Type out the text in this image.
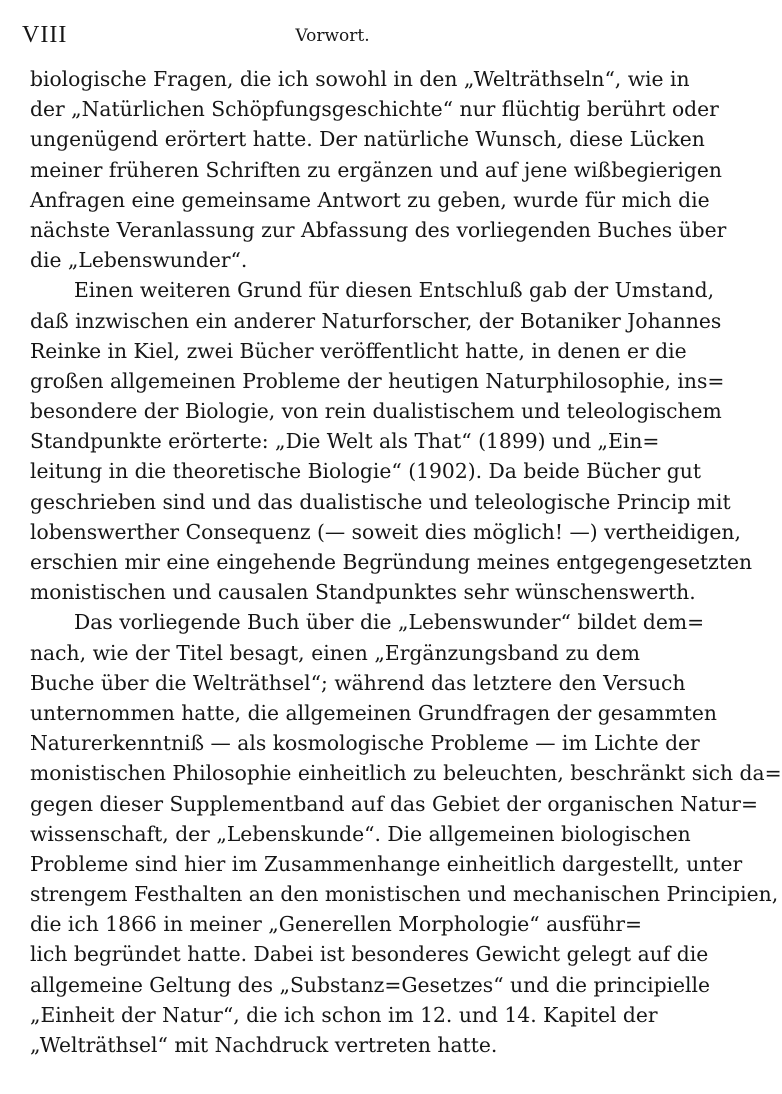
VIII	Vorwort.
biologische Fragen, die ich sowohl in den „Welträthseln“, wie in
der „Natürlichen Schöpfungsgeschichte“ nur flüchtig berührt oder
ungenügend erörtert hatte. Der natürliche Wunsch, diese Lücken
meiner früheren Schriften zu ergänzen und auf jene wißbegierigen
Anfragen eine gemeinsame Antwort zu geben, wurde für mich die
nächste Veranlassung zur Abfassung des vorliegenden Buches über
die „Lebenswunder“.
Einen weiteren Grund für diesen Entschluß gab der Umstand,
daß inzwischen ein anderer Naturforscher, der Botaniker Johannes
Reinke in Kiel, zwei Bücher veröffentlicht hatte, in denen er die
großen allgemeinen Probleme der heutigen Naturphilosophie, ins=
besondere der Biologie, von rein dualistischem und teleologischem
Standpunkte erörterte: „Die Welt als That“ (1899) und „Ein=
leitung in die theoretische Biologie“ (1902). Da beide Bücher gut
geschrieben sind und das dualistische und teleologische Princip mit
lobenswerther Consequenz (— soweit dies möglich! —) vertheidigen,
erschien mir eine eingehende Begründung meines entgegengesetzten
monistischen und causalen Standpunktes sehr wünschenswerth.
Das vorliegende Buch über die „Lebenswunder“ bildet dem=
nach, wie der Titel besagt, einen „Ergänzungsband zu dem
Buche über die Welträthsel“; während das letztere den Versuch
unternommen hatte, die allgemeinen Grundfragen der gesammten
Naturerkenntniß — als kosmologische Probleme — im Lichte der
monistischen Philosophie einheitlich zu beleuchten, beschränkt sich da=
gegen dieser Supplementband auf das Gebiet der organischen Natur=
wissenschaft, der „Lebenskunde“. Die allgemeinen biologischen
Probleme sind hier im Zusammenhange einheitlich dargestellt, unter
strengem Festhalten an den monistischen und mechanischen Principien,
die ich 1866 in meiner „Generellen Morphologie“ ausführ=
lich begründet hatte. Dabei ist besonderes Gewicht gelegt auf die
allgemeine Geltung des „Substanz=Gesetzes“ und die principielle
„Einheit der Natur“, die ich schon im 12. und 14. Kapitel der
„Welträthsel“ mit Nachdruck vertreten hatte.
